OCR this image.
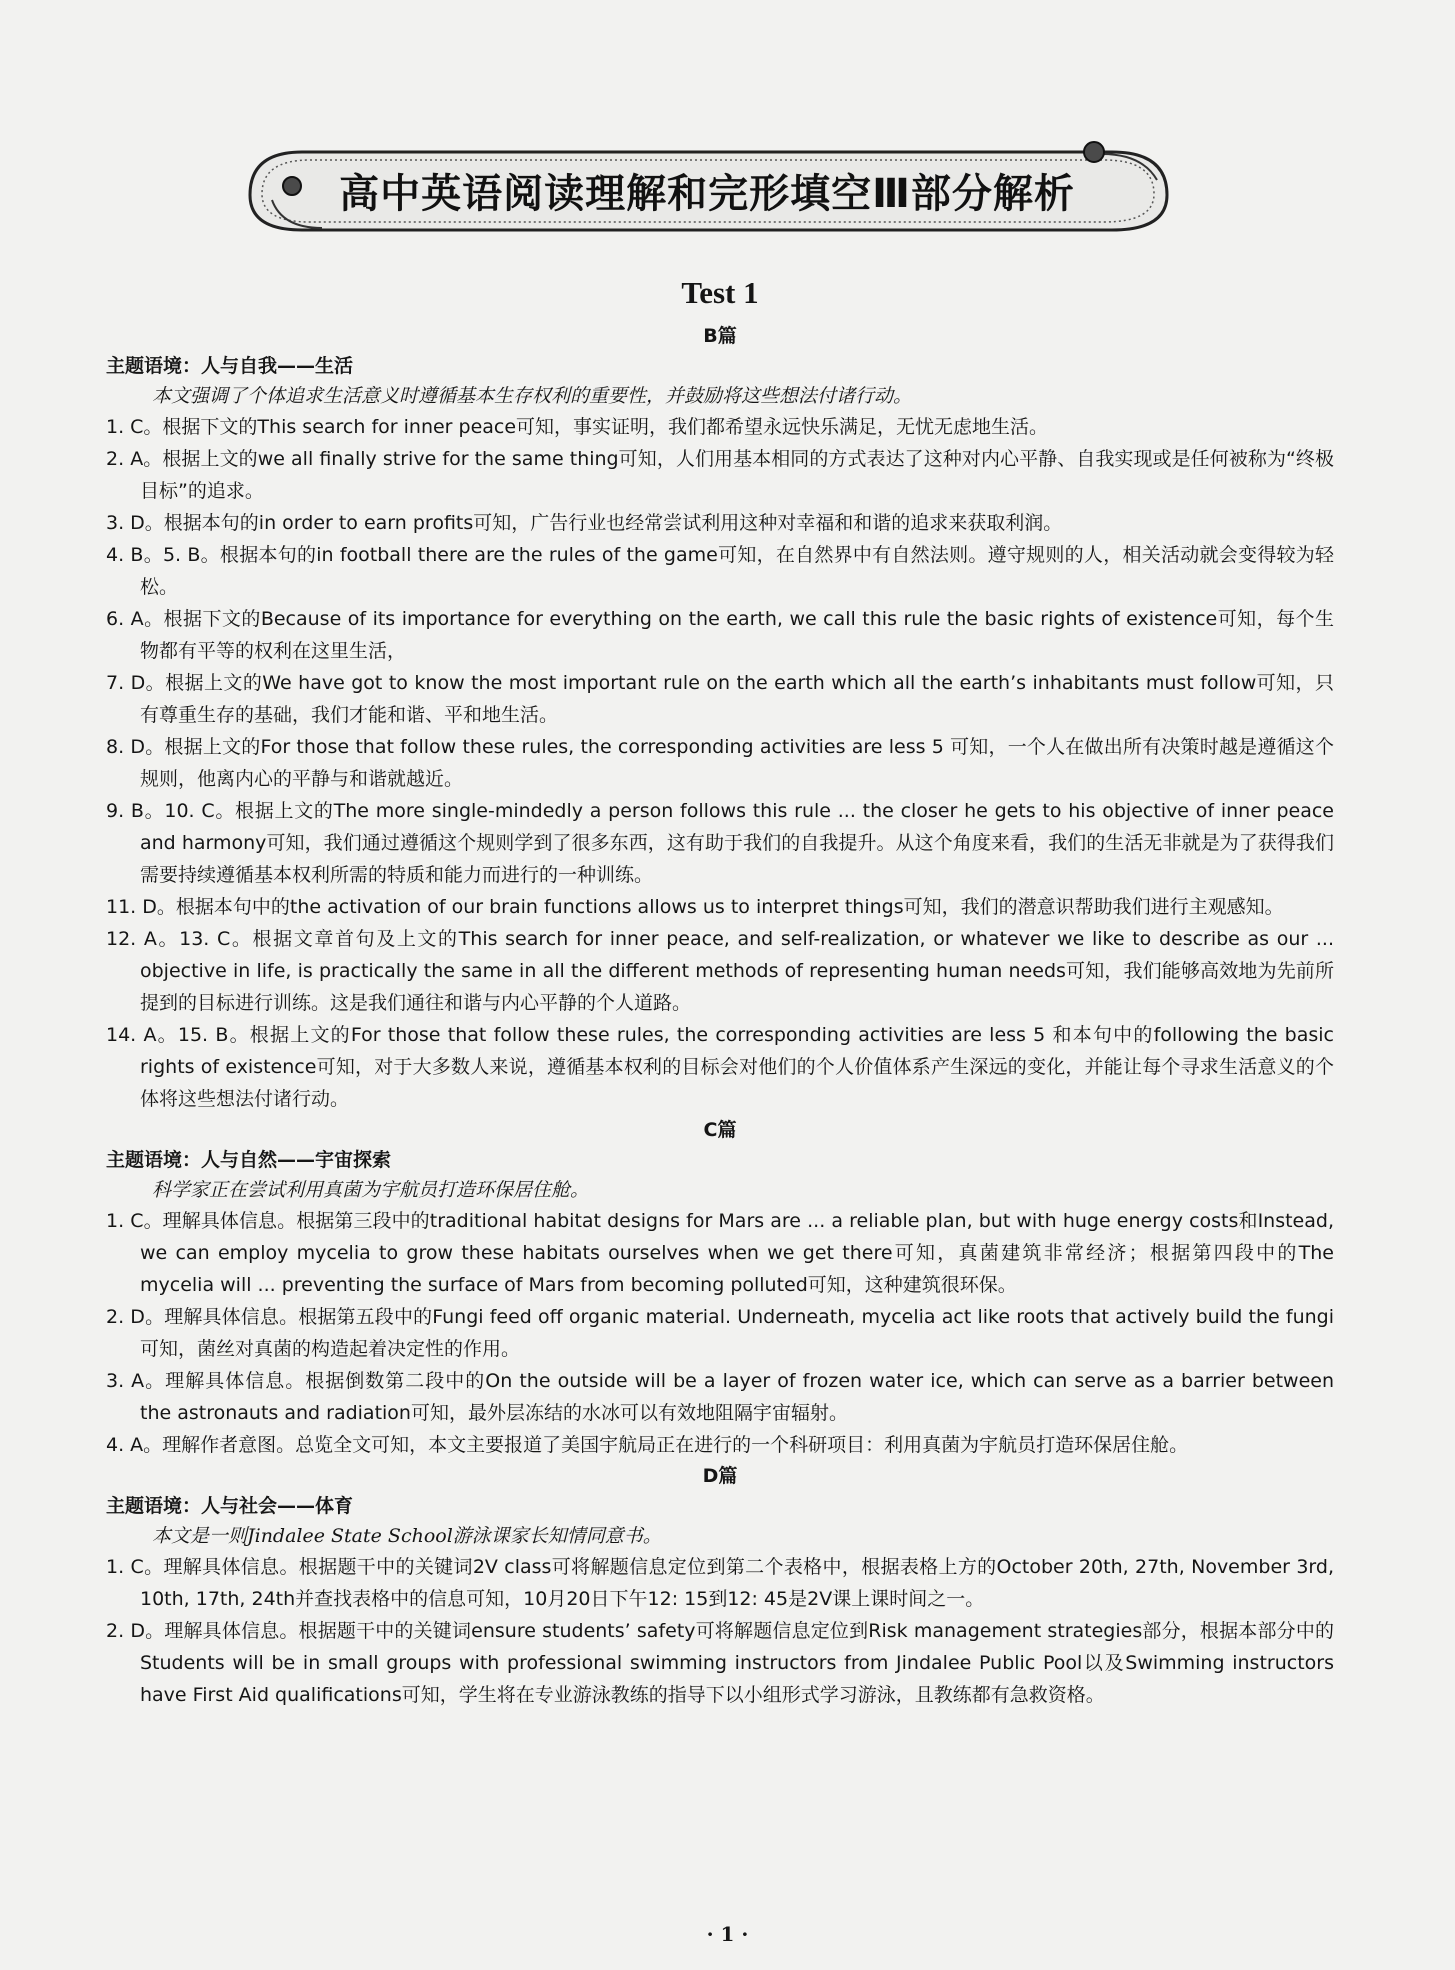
高中英语阅读理解和完形填空Ⅲ部分解析
Test 1
B篇
主题语境：人与自我——生活
本文强调了个体追求生活意义时遵循基本生存权利的重要性，并鼓励将这些想法付诸行动。
1. C。根据下文的This search for inner peace可知，事实证明，我们都希望永远快乐满足，无忧无虑地生活。
2. A。根据上文的we all finally strive for the same thing可知，人们用基本相同的方式表达了这种对内心平静、自我实现或是任何被称为“终极目标”的追求。
3. D。根据本句的in order to earn profits可知，广告行业也经常尝试利用这种对幸福和和谐的追求来获取利润。
4. B。5. B。根据本句的in football there are the rules of the game可知，在自然界中有自然法则。遵守规则的人，相关活动就会变得较为轻松。
6. A。根据下文的Because of its importance for everything on the earth, we call this rule the basic rights of existence可知，每个生物都有平等的权利在这里生活，
7. D。根据上文的We have got to know the most important rule on the earth which all the earth’s inhabitants must follow可知，只有尊重生存的基础，我们才能和谐、平和地生活。
8. D。根据上文的For those that follow these rules, the corresponding activities are less 5 可知，一个人在做出所有决策时越是遵循这个规则，他离内心的平静与和谐就越近。
9. B。10. C。根据上文的The more single-mindedly a person follows this rule ... the closer he gets to his objective of inner peace and harmony可知，我们通过遵循这个规则学到了很多东西，这有助于我们的自我提升。从这个角度来看，我们的生活无非就是为了获得我们需要持续遵循基本权利所需的特质和能力而进行的一种训练。
11. D。根据本句中的the activation of our brain functions allows us to interpret things可知，我们的潜意识帮助我们进行主观感知。
12. A。13. C。根据文章首句及上文的This search for inner peace, and self-realization, or whatever we like to describe as our ... objective in life, is practically the same in all the different methods of representing human needs可知，我们能够高效地为先前所提到的目标进行训练。这是我们通往和谐与内心平静的个人道路。
14. A。15. B。根据上文的For those that follow these rules, the corresponding activities are less 5 和本句中的following the basic rights of existence可知，对于大多数人来说，遵循基本权利的目标会对他们的个人价值体系产生深远的变化，并能让每个寻求生活意义的个体将这些想法付诸行动。
C篇
主题语境：人与自然——宇宙探索
科学家正在尝试利用真菌为宇航员打造环保居住舱。
1. C。理解具体信息。根据第三段中的traditional habitat designs for Mars are ... a reliable plan, but with huge energy costs和Instead, we can employ mycelia to grow these habitats ourselves when we get there可知，真菌建筑非常经济；根据第四段中的The mycelia will ... preventing the surface of Mars from becoming polluted可知，这种建筑很环保。
2. D。理解具体信息。根据第五段中的Fungi feed off organic material. Underneath, mycelia act like roots that actively build the fungi可知，菌丝对真菌的构造起着决定性的作用。
3. A。理解具体信息。根据倒数第二段中的On the outside will be a layer of frozen water ice, which can serve as a barrier between the astronauts and radiation可知，最外层冻结的水冰可以有效地阻隔宇宙辐射。
4. A。理解作者意图。总览全文可知，本文主要报道了美国宇航局正在进行的一个科研项目：利用真菌为宇航员打造环保居住舱。
D篇
主题语境：人与社会——体育
本文是一则Jindalee State School游泳课家长知情同意书。
1. C。理解具体信息。根据题干中的关键词2V class可将解题信息定位到第二个表格中，根据表格上方的October 20th, 27th, November 3rd, 10th, 17th, 24th并查找表格中的信息可知，10月20日下午12: 15到12: 45是2V课上课时间之一。
2. D。理解具体信息。根据题干中的关键词ensure students’ safety可将解题信息定位到Risk management strategies部分，根据本部分中的Students will be in small groups with professional swimming instructors from Jindalee Public Pool以及Swimming instructors have First Aid qualifications可知，学生将在专业游泳教练的指导下以小组形式学习游泳，且教练都有急救资格。
· 1 ·
